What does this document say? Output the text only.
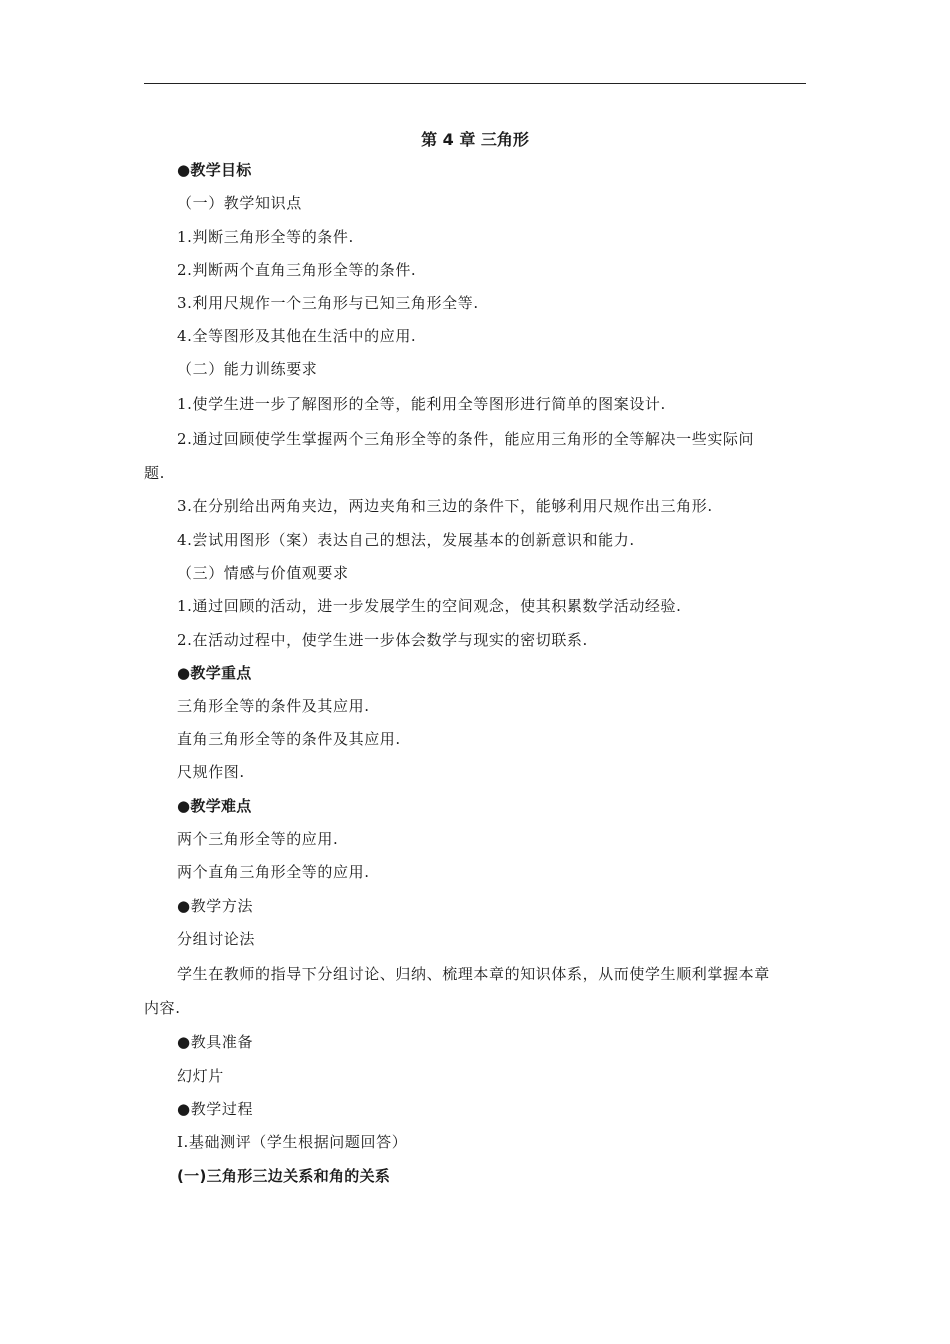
第 4 章 三角形
●教学目标
（一）教学知识点
1.判断三角形全等的条件.
2.判断两个直角三角形全等的条件.
3.利用尺规作一个三角形与已知三角形全等.
4.全等图形及其他在生活中的应用.
（二）能力训练要求
1.使学生进一步了解图形的全等，能利用全等图形进行简单的图案设计.
2.通过回顾使学生掌握两个三角形全等的条件，能应用三角形的全等解决一些实际问
题.
3.在分别给出两角夹边，两边夹角和三边的条件下，能够利用尺规作出三角形.
4.尝试用图形（案）表达自己的想法，发展基本的创新意识和能力.
（三）情感与价值观要求
1.通过回顾的活动，进一步发展学生的空间观念，使其积累数学活动经验.
2.在活动过程中，使学生进一步体会数学与现实的密切联系.
●教学重点
三角形全等的条件及其应用.
直角三角形全等的条件及其应用.
尺规作图.
●教学难点
两个三角形全等的应用.
两个直角三角形全等的应用.
●教学方法
分组讨论法
学生在教师的指导下分组讨论、归纳、梳理本章的知识体系，从而使学生顺利掌握本章
内容.
●教具准备
幻灯片
●教学过程
Ⅰ.基础测评（学生根据问题回答）
(一)三角形三边关系和角的关系
